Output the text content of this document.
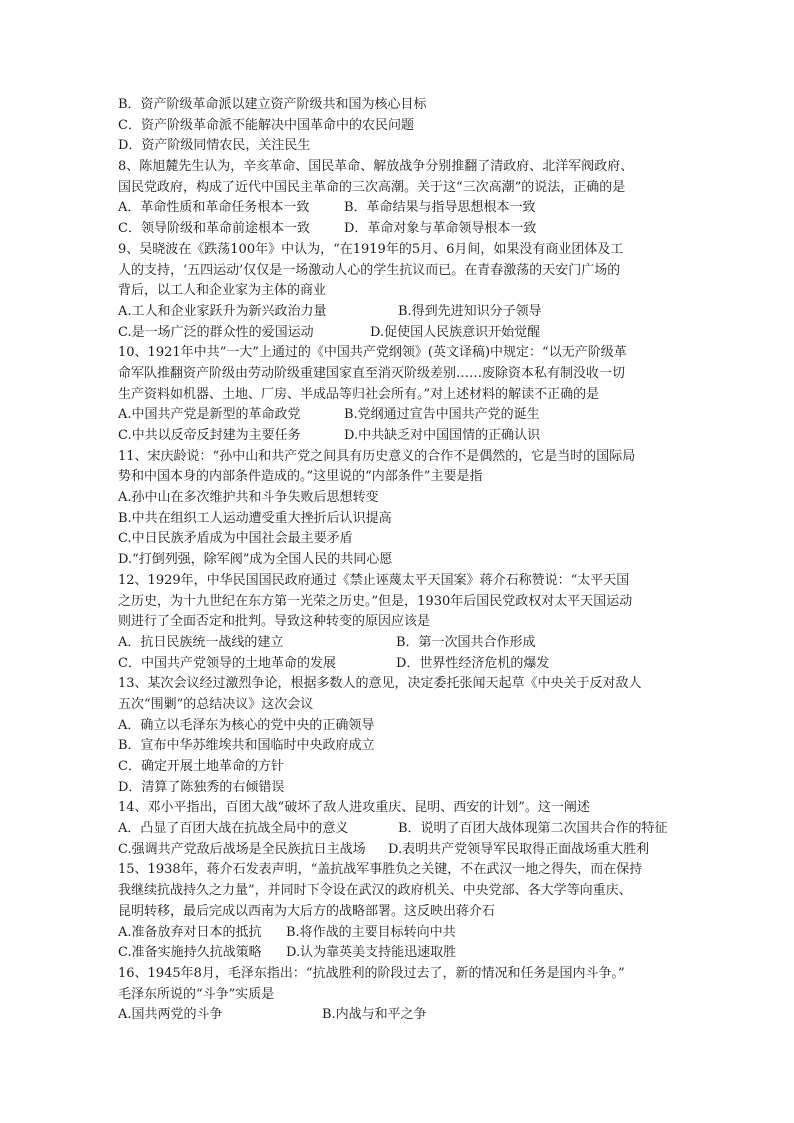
B．资产阶级革命派以建立资产阶级共和国为核心目标
C．资产阶级革命派不能解决中国革命中的农民问题
D．资产阶级同情农民，关注民生
8、陈旭麓先生认为，辛亥革命、国民革命、解放战争分别推翻了清政府、北洋军阀政府、
国民党政府，构成了近代中国民主革命的三次高潮。关于这“三次高潮”的说法，正确的是
A．革命性质和革命任务根本一致	B．革命结果与指导思想根本一致
C．领导阶级和革命前途根本一致	D．革命对象与革命领导根本一致
9、吴晓波在《跌荡100年》中认为，“在1919年的5月、6月间，如果没有商业团体及工
人的支持，‘五四运动’仅仅是一场激动人心的学生抗议而已。在青春激荡的天安门广场的
背后，以工人和企业家为主体的商业
A.工人和企业家跃升为新兴政治力量	B.得到先进知识分子领导
C.是一场广泛的群众性的爱国运动	D.促使国人民族意识开始觉醒
10、1921年中共“一大”上通过的《中国共产党纲领》(英文译稿)中规定：“以无产阶级革
命军队推翻资产阶级由劳动阶级重建国家直至消灭阶级差别……废除资本私有制没收一切
生产资料如机器、土地、厂房、半成品等归社会所有。”对上述材料的解读不正确的是
A.中国共产党是新型的革命政党	B.党纲通过宣告中国共产党的诞生
C.中共以反帝反封建为主要任务	D.中共缺乏对中国国情的正确认识
11、宋庆龄说：“孙中山和共产党之间具有历史意义的合作不是偶然的，它是当时的国际局
势和中国本身的内部条件造成的。”这里说的“内部条件”主要是指
A.孙中山在多次维护共和斗争失败后思想转变
B.中共在组织工人运动遭受重大挫折后认识提高
C.中日民族矛盾成为中国社会最主要矛盾
D.“打倒列强，除军阀”成为全国人民的共同心愿
12、1929年，中华民国国民政府通过《禁止诬蔑太平天国案》蒋介石称赞说：“太平天国
之历史，为十九世纪在东方第一光荣之历史。”但是，1930年后国民党政权对太平天国运动
则进行了全面否定和批判。导致这种转变的原因应该是
A．抗日民族统一战线的建立	B．第一次国共合作形成
C．中国共产党领导的土地革命的发展	D．世界性经济危机的爆发
13、某次会议经过激烈争论，根据多数人的意见，决定委托张闻天起草《中央关于反对敌人
五次“围剿”的总结决议》这次会议
A．确立以毛泽东为核心的党中央的正确领导
B．宣布中华苏维埃共和国临时中央政府成立
C．确定开展土地革命的方针
D．清算了陈独秀的右倾错误
14、邓小平指出，百团大战“破坏了敌人进攻重庆、昆明、西安的计划”。这一阐述
A．凸显了百团大战在抗战全局中的意义	B．说明了百团大战体现第二次国共合作的特征
C.强调共产党敌后战场是全民族抗日主战场	D.表明共产党领导军民取得正面战场重大胜利
15、1938年，蒋介石发表声明，“盖抗战军事胜负之关键，不在武汉一地之得失，而在保持
我继续抗战持久之力量”，并同时下令设在武汉的政府机关、中央党部、各大学等向重庆、
昆明转移，最后完成以西南为大后方的战略部署。这反映出蒋介石
A.准备放弃对日本的抵抗	B.将作战的主要目标转向中共
C.准备实施持久抗战策略	D.认为靠英美支持能迅速取胜
16、1945年8月，毛泽东指出：“抗战胜利的阶段过去了，新的情况和任务是国内斗争。”
毛泽东所说的“斗争”实质是
A.国共两党的斗争	B.内战与和平之争
